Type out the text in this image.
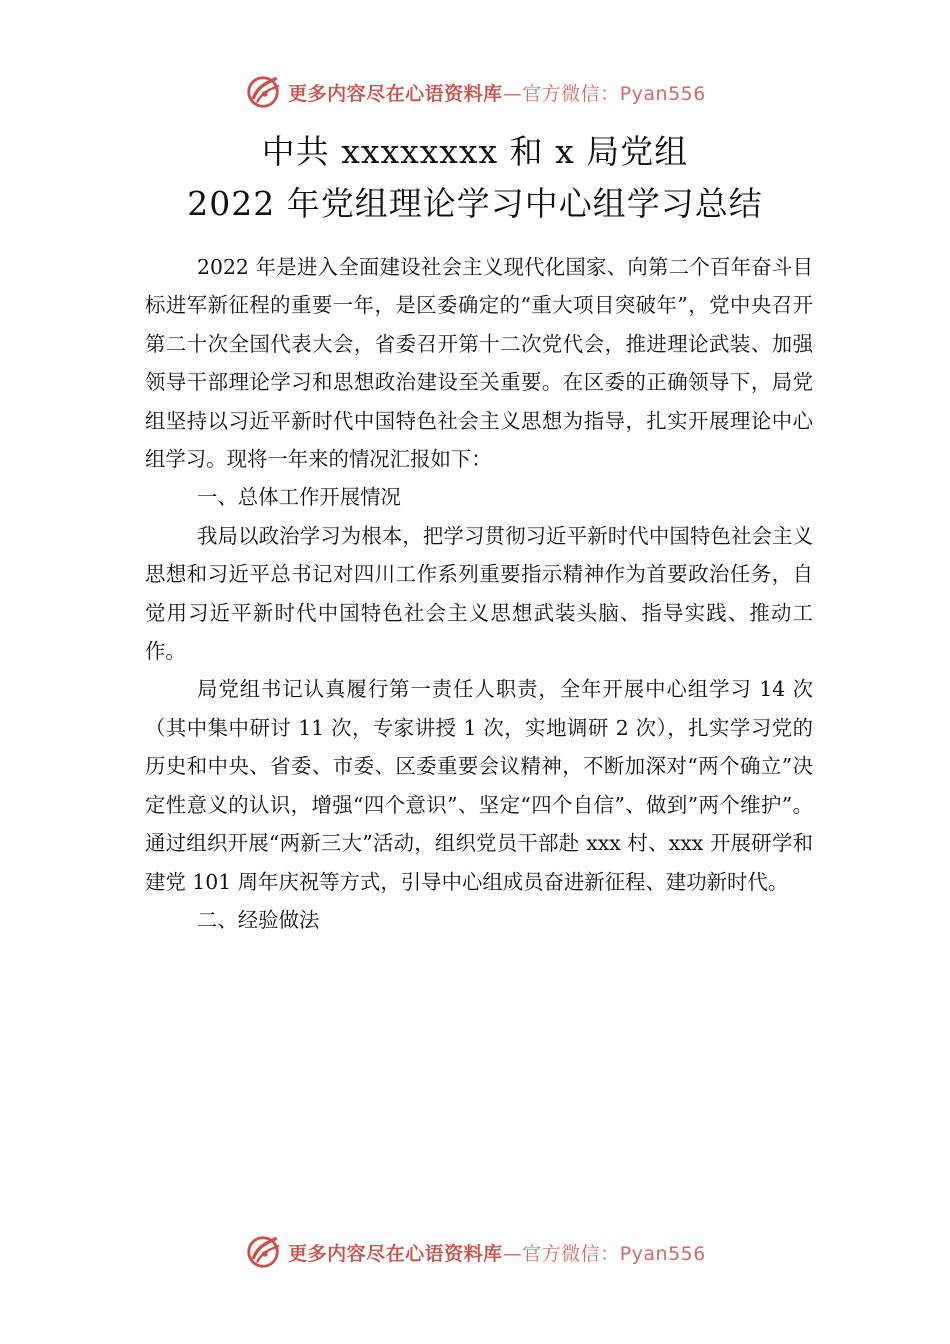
更多内容尽在心语资料库—官方微信：Pyan556
中共 xxxxxxxx 和 x 局党组
2022 年党组理论学习中心组学习总结

2022 年是进入全面建设社会主义现代化国家、向第二个百年奋斗目标进军新征程的重要一年，是区委确定的“重大项目突破年”，党中央召开第二十次全国代表大会，省委召开第十二次党代会，推进理论武装、加强领导干部理论学习和思想政治建设至关重要。在区委的正确领导下，局党组坚持以习近平新时代中国特色社会主义思想为指导，扎实开展理论中心组学习。现将一年来的情况汇报如下：

一、总体工作开展情况

我局以政治学习为根本，把学习贯彻习近平新时代中国特色社会主义思想和习近平总书记对四川工作系列重要指示精神作为首要政治任务，自觉用习近平新时代中国特色社会主义思想武装头脑、指导实践、推动工作。

局党组书记认真履行第一责任人职责，全年开展中心组学习 14 次（其中集中研讨 11 次，专家讲授 1 次，实地调研 2 次），扎实学习党的历史和中央、省委、市委、区委重要会议精神，不断加深对“两个确立”决定性意义的认识，增强“四个意识”、坚定“四个自信”、做到”两个维护”。通过组织开展“两新三大”活动，组织党员干部赴 xxx 村、xxx 开展研学和建党 101 周年庆祝等方式，引导中心组成员奋进新征程、建功新时代。

二、经验做法

更多内容尽在心语资料库—官方微信：Pyan556
